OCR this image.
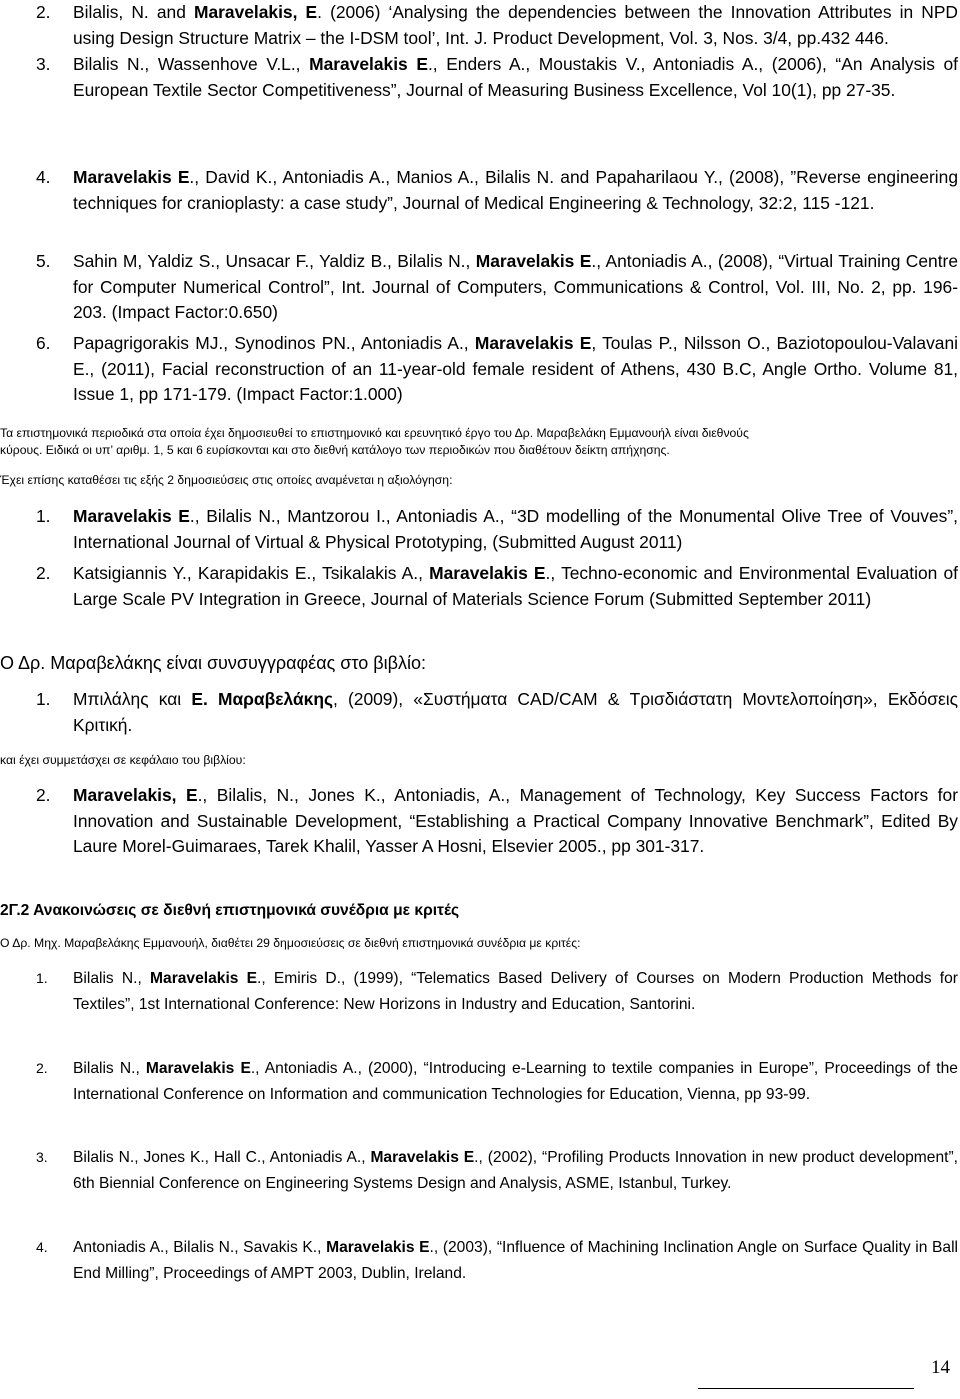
2. Bilalis, N. and Maravelakis, E. (2006) ‘Analysing the dependencies between the Innovation Attributes in NPD using Design Structure Matrix – the I-DSM tool’, Int. J. Product Development, Vol. 3, Nos. 3/4, pp.432 446.
3. Bilalis N., Wassenhove V.L., Maravelakis E., Enders A., Moustakis V., Antoniadis A., (2006), “An Analysis of European Textile Sector Competitiveness”, Journal of Measuring Business Excellence, Vol 10(1), pp 27-35.
4. Maravelakis E., David K., Antoniadis A., Manios A., Bilalis N. and Papaharilaou Y., (2008), ”Reverse engineering techniques for cranioplasty: a case study”, Journal of Medical Engineering & Technology, 32:2, 115 -121.
5. Sahin M, Yaldiz S., Unsacar F., Yaldiz B., Bilalis N., Maravelakis E., Antoniadis A., (2008), “Virtual Training Centre for Computer Numerical Control”, Int. Journal of Computers, Communications & Control, Vol. III, No. 2, pp. 196-203. (Impact Factor:0.650)
6. Papagrigorakis MJ., Synodinos PN., Antoniadis A., Maravelakis E, Toulas P., Nilsson O., Baziotopoulou-Valavani E., (2011), Facial reconstruction of an 11-year-old female resident of Athens, 430 B.C, Angle Ortho. Volume 81, Issue 1, pp 171-179. (Impact Factor:1.000)
Τα επιστημονικά περιοδικά στα οποία έχει δημοσιευθεί το επιστημονικό και ερευνητικό έργο του Δρ. Μαραβελάκη Εμμανουήλ είναι διεθνούς
κύρους. Ειδικά οι υπ’ αριθμ. 1, 5 και 6 ευρίσκονται και στο διεθνή κατάλογο των περιοδικών που διαθέτουν δείκτη απήχησης.
Έχει επίσης καταθέσει τις εξής 2 δημοσιεύσεις στις οποίες αναμένεται η αξιολόγηση:
1. Maravelakis E., Bilalis N., Mantzorou I., Antoniadis A., “3D modelling of the Monumental Olive Tree of Vouves”, International Journal of Virtual & Physical Prototyping, (Submitted August 2011)
2. Katsigiannis Y., Karapidakis E., Tsikalakis A., Maravelakis E., Techno-economic and Environmental Evaluation of Large Scale PV Integration in Greece, Journal of Materials Science Forum (Submitted September 2011)
Ο Δρ. Μαραβελάκης είναι συνσυγγραφέας στο βιβλίο:
1. Μπιλάλης και Ε. Μαραβελάκης, (2009), «Συστήματα CAD/CAM & Τρισδιάστατη Μοντελοποίηση», Εκδόσεις Κριτική.
και έχει συμμετάσχει σε κεφάλαιο του βιβλίου:
2. Maravelakis, E., Bilalis, N., Jones K., Antoniadis, A., Management of Technology, Key Success Factors for Innovation and Sustainable Development, “Establishing a Practical Company Innovative Benchmark”, Edited By Laure Morel-Guimaraes, Tarek Khalil, Yasser A Hosni, Elsevier 2005., pp 301-317.
2Γ.2 Ανακοινώσεις σε διεθνή επιστημονικά συνέδρια με κριτές
Ο Δρ. Μηχ. Μαραβελάκης Εμμανουήλ, διαθέτει 29 δημοσιεύσεις σε διεθνή επιστημονικά συνέδρια με κριτές:
1. Bilalis N., Maravelakis E., Emiris D., (1999), “Telematics Based Delivery of Courses on Modern Production Methods for Textiles”, 1st International Conference: New Horizons in Industry and Education, Santorini.
2. Bilalis N., Maravelakis E., Antoniadis A., (2000), “Introducing e-Learning to textile companies in Europe”, Proceedings of the International Conference on Information and communication Technologies for Education, Vienna, pp 93-99.
3. Bilalis N., Jones K., Hall C., Antoniadis A., Maravelakis E., (2002), “Profiling Products Innovation in new product development”, 6th Biennial Conference on Engineering Systems Design and Analysis, ASME, Istanbul, Turkey.
4. Antoniadis A., Bilalis N., Savakis K., Maravelakis E., (2003), “Influence of Machining Inclination Angle on Surface Quality in Ball End Milling”, Proceedings of AMPT 2003, Dublin, Ireland.
14
